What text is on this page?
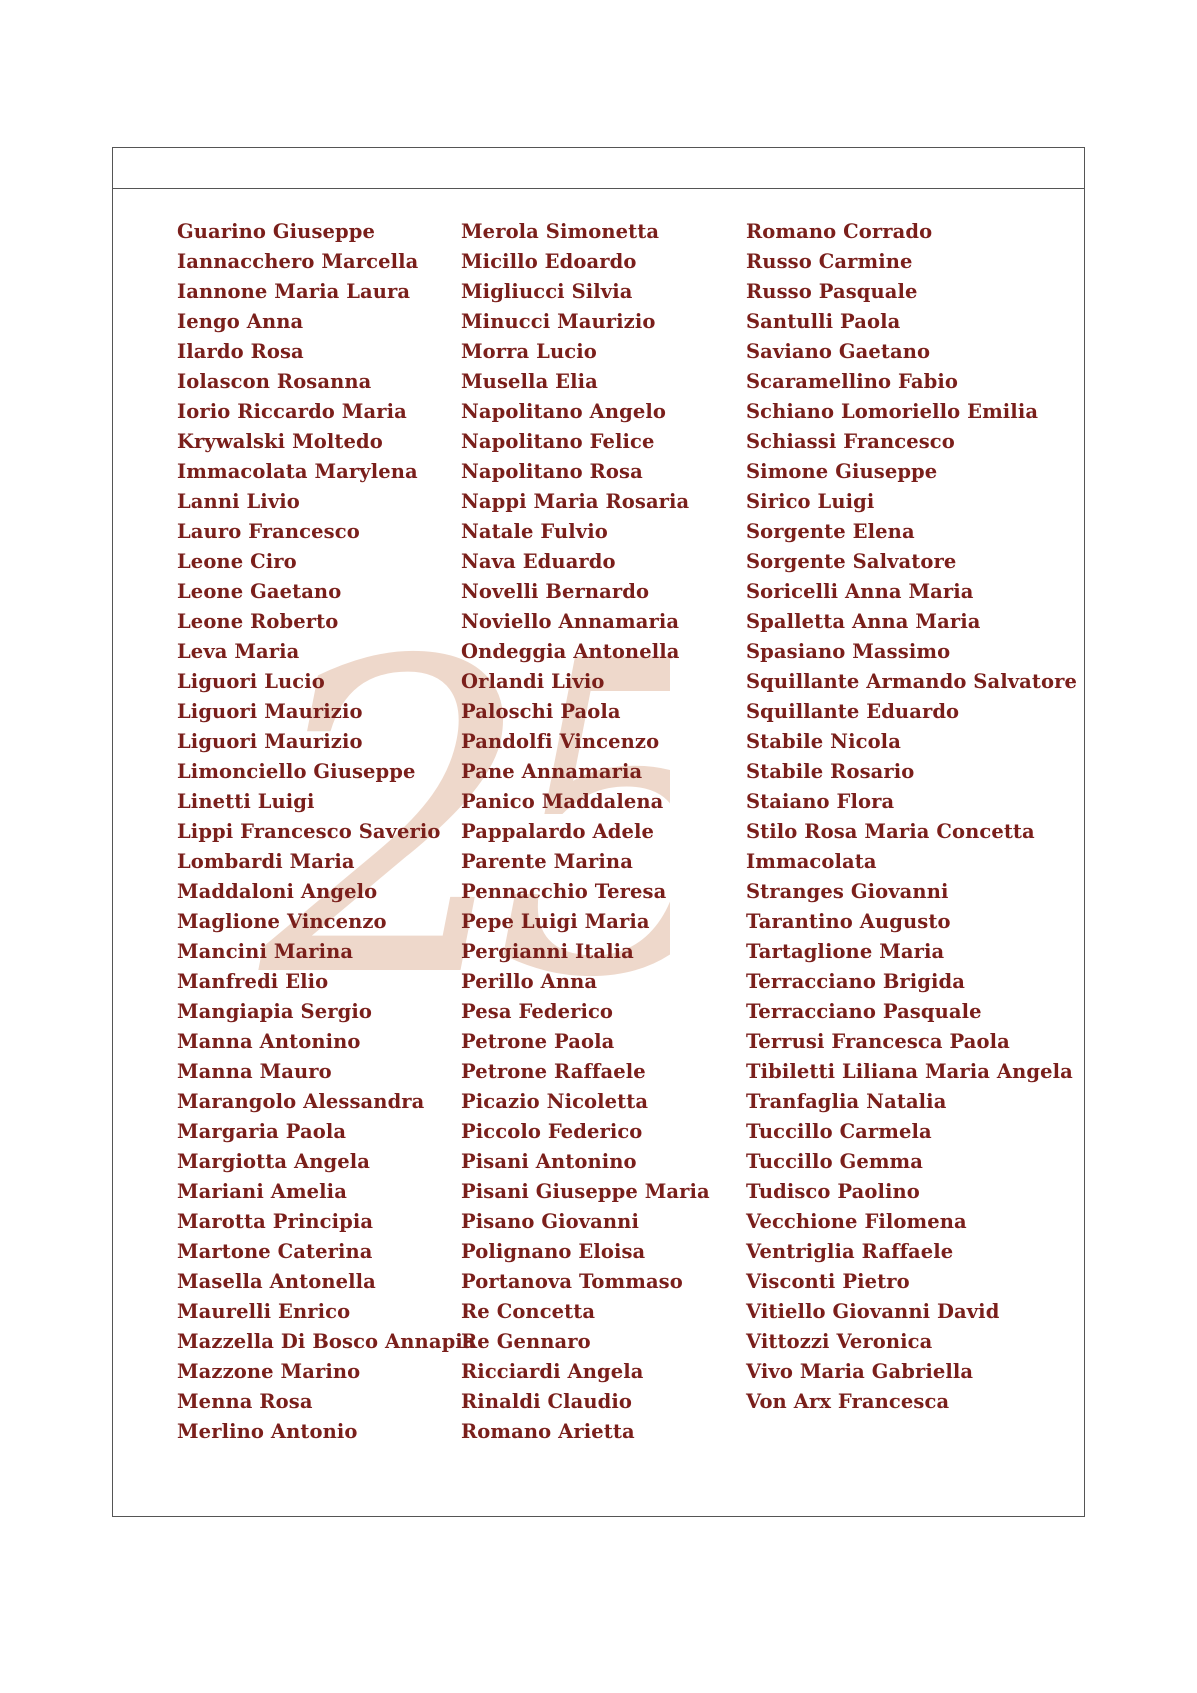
2
Guarino Giuseppe
Iannacchero Marcella
Iannone Maria Laura
Iengo Anna
Ilardo Rosa
Iolascon Rosanna
Iorio Riccardo Maria
Krywalski Moltedo
Immacolata Marylena
Lanni Livio
Lauro Francesco
Leone Ciro
Leone Gaetano
Leone Roberto
Leva Maria
Liguori Lucio
Liguori Maurizio
Liguori Maurizio
Limonciello Giuseppe
Linetti Luigi
Lippi Francesco Saverio
Lombardi Maria
Maddaloni Angelo
Maglione Vincenzo
Mancini Marina
Manfredi Elio
Mangiapia Sergio
Manna Antonino
Manna Mauro
Marangolo Alessandra
Margaria Paola
Margiotta Angela
Mariani Amelia
Marotta Principia
Martone Caterina
Masella Antonella
Maurelli Enrico
Mazzella Di Bosco Annapia
Mazzone Marino
Menna Rosa
Merlino Antonio
Merola Simonetta
Micillo Edoardo
Migliucci Silvia
Minucci Maurizio
Morra Lucio
Musella Elia
Napolitano Angelo
Napolitano Felice
Napolitano Rosa
Nappi Maria Rosaria
Natale Fulvio
Nava Eduardo
Novelli Bernardo
Noviello Annamaria
Ondeggia Antonella
Orlandi Livio
Paloschi Paola
Pandolfi Vincenzo
Pane Annamaria
Panico Maddalena
Pappalardo Adele
Parente Marina
Pennacchio Teresa
Pepe Luigi Maria
Pergianni Italia
Perillo Anna
Pesa Federico
Petrone Paola
Petrone Raffaele
Picazio Nicoletta
Piccolo Federico
Pisani Antonino
Pisani Giuseppe Maria
Pisano Giovanni
Polignano Eloisa
Portanova Tommaso
Re Concetta
Re Gennaro
Ricciardi Angela
Rinaldi Claudio
Romano Arietta
Romano Corrado
Russo Carmine
Russo Pasquale
Santulli Paola
Saviano Gaetano
Scaramellino Fabio
Schiano Lomoriello Emilia
Schiassi Francesco
Simone Giuseppe
Sirico Luigi
Sorgente Elena
Sorgente Salvatore
Soricelli Anna Maria
Spalletta Anna Maria
Spasiano Massimo
Squillante Armando Salvatore
Squillante Eduardo
Stabile Nicola
Stabile Rosario
Staiano Flora
Stilo Rosa Maria Concetta
Immacolata
Stranges Giovanni
Tarantino Augusto
Tartaglione Maria
Terracciano Brigida
Terracciano Pasquale
Terrusi Francesca Paola
Tibiletti Liliana Maria Angela
Tranfaglia Natalia
Tuccillo Carmela
Tuccillo Gemma
Tudisco Paolino
Vecchione Filomena
Ventriglia Raffaele
Visconti Pietro
Vitiello Giovanni David
Vittozzi Veronica
Vivo Maria Gabriella
Von Arx Francesca
